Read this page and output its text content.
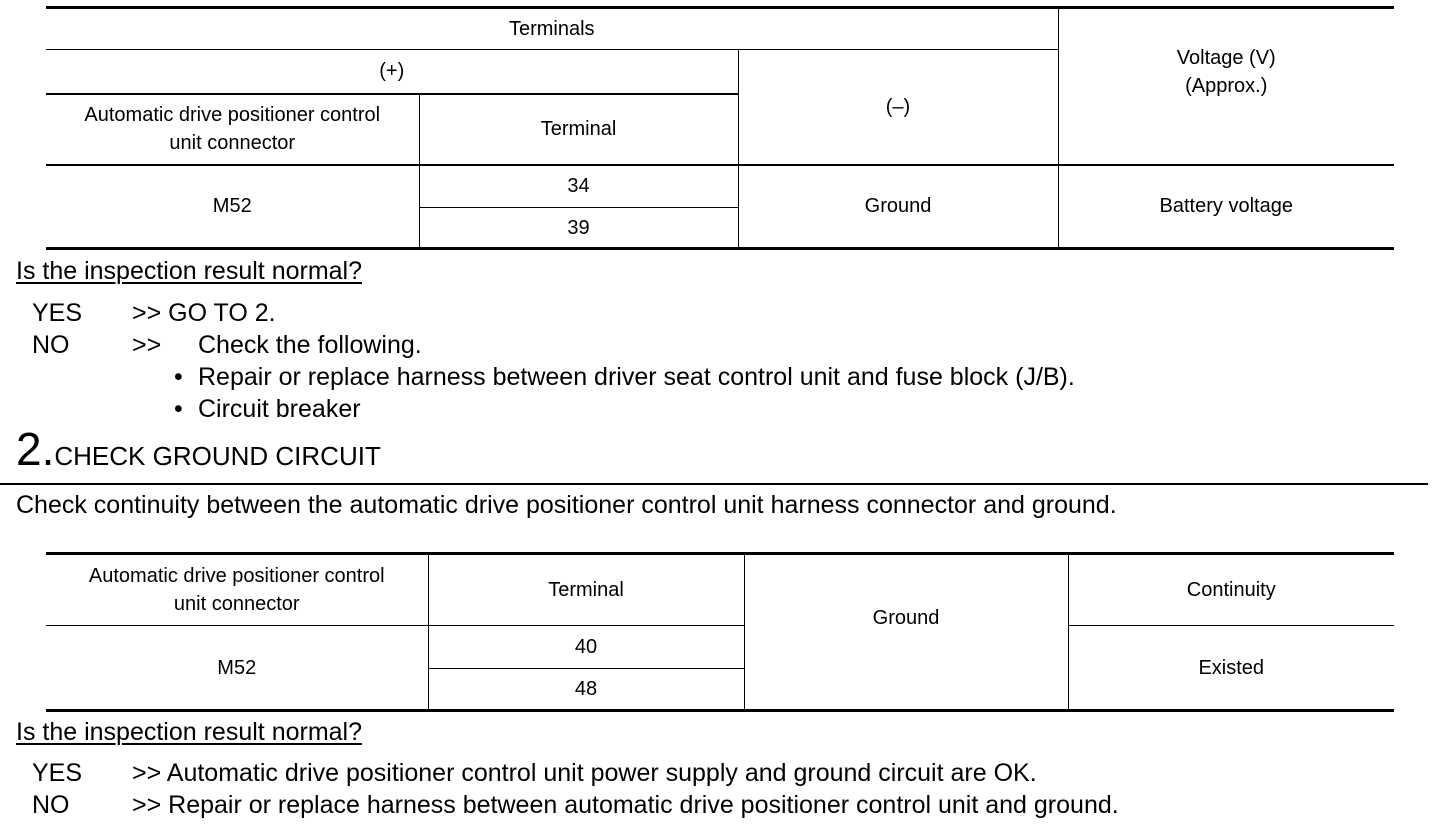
Terminals			Voltage (V)
(Approx.)

(+)		(–)	

Automatic drive positioner control
unit connector	Terminal		
M52	34	Ground	Battery voltage
	39		
Is the inspection result normal?
YES >> GO TO 2.
NO	>> Check the following.
• Repair or replace harness between driver seat control unit and fuse block (J/B).
• Circuit breaker
2.CHECK GROUND CIRCUIT
Check continuity between the automatic drive positioner control unit harness connector and ground.
Automatic drive positioner control
unit connector	Terminal	Ground	Continuity
M52	40		Existed
	48		
Is the inspection result normal?
YES >> Automatic drive positioner control unit power supply and ground circuit are OK.
NO	>> Repair or replace harness between automatic drive positioner control unit and ground.
